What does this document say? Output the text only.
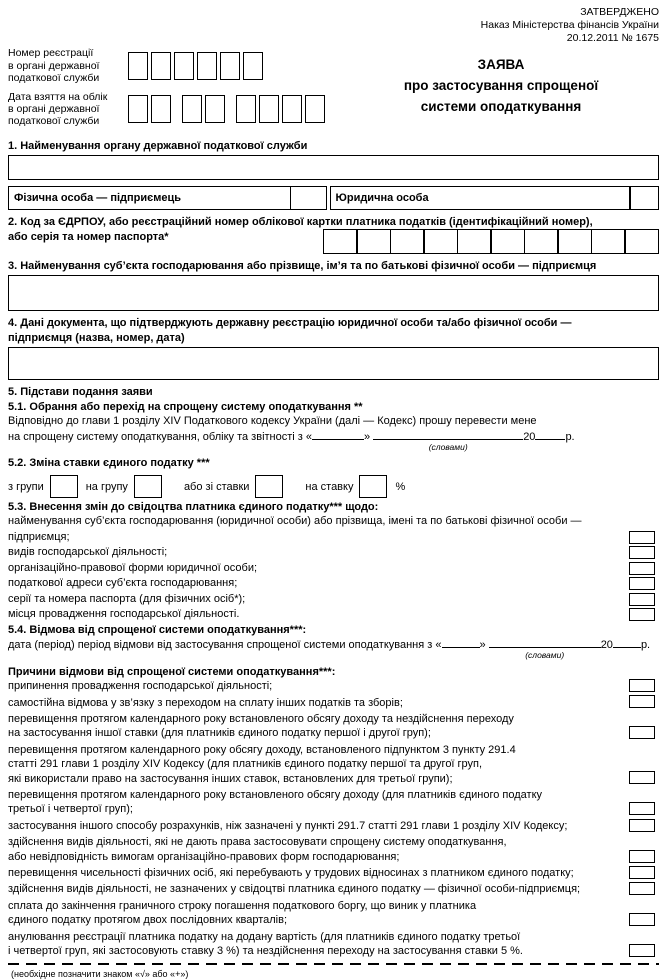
ЗАТВЕРДЖЕНО
Наказ Міністерства фінансів України
20.12.2011 № 1675
Номер реєстрації
в органі державної
податкової служби
Дата взяття на облік
в органі державної
податкової служби
ЗАЯВА
про застосування спрощеної
системи оподаткування
1. Найменування органу державної податкової служби
Фізична особа — підприємець	Юридична особа
2. Код за ЄДРПОУ, або реєстраційний номер облікової картки платника податків (ідентифікаційний номер),
або серія та номер паспорта*
3. Найменування суб’єкта господарювання або прізвище, ім’я та по батькові фізичної особи — підприємця
4. Дані документа, що підтверджують державну реєстрацію юридичної особи та/або фізичної особи —
підприємця (назва, номер, дата)
5. Підстави подання заяви
5.1. Обрання або перехід на спрощену систему оподаткування **
Відповідно до глави 1 розділу XIV Податкового кодексу України (далі — Кодекс) прошу перевести мене
на спрощену систему оподаткування, обліку та звітності з «	»
(словами)
20	р.
5.2. Зміна ставки єдиного податку ***
з групи	на групу	або зі ставки	на ставку	%
5.3. Внесення змін до свідоцтва платника єдиного податку*** щодо:
найменування суб’єкта господарювання (юридичної особи) або прізвища, імені та по батькові фізичної особи —
підприємця;
видів господарської діяльності;
організаційно-правової форми юридичної особи;
податкової адреси суб’єкта господарювання;
серії та номера паспорта (для фізичних осіб*);
місця провадження господарської діяльності.
5.4. Відмова від спрощеної системи оподаткування***:
дата (період) період відмови від застосування спрощеної системи оподаткування з «	»
(словами)
20	р.
Причини відмови від спрощеної системи оподаткування***:
припинення провадження господарської діяльності;
самостійна відмова у зв’язку з переходом на сплату інших податків та зборів;
перевищення протягом календарного року встановленого обсягу доходу та нездійснення переходу
на застосування іншої ставки (для платників єдиного податку першої і другої груп);
перевищення протягом календарного року обсягу доходу, встановленого підпунктом 3 пункту 291.4
статті 291 глави 1 розділу XIV Кодексу (для платників єдиного податку першої та другої груп,
які використали право на застосування інших ставок, встановлених для третьої групи);
перевищення протягом календарного року встановленого обсягу доходу (для платників єдиного податку
третьої і четвертої груп);
застосування іншого способу розрахунків, ніж зазначені у пункті 291.7 статті 291 глави 1 розділу XIV Кодексу;
здійснення видів діяльності, які не дають права застосовувати спрощену систему оподаткування,
або невідповідність вимогам організаційно-правових форм господарювання;
перевищення чисельності фізичних осіб, які перебувають у трудових відносинах з платником єдиного податку;
здійснення видів діяльності, не зазначених у свідоцтві платника єдиного податку — фізичної особи-підприємця;
сплата до закінчення граничного строку погашення податкового боргу, що виник у платника
єдиного податку протягом двох послідовних кварталів;
анулювання реєстрації платника податку на додану вартість (для платників єдиного податку третьої
і четвертої груп, які застосовують ставку 3 %) та нездійснення переходу на застосування ставки 5 %.
(необхідне позначити знаком «√» або «+»)
